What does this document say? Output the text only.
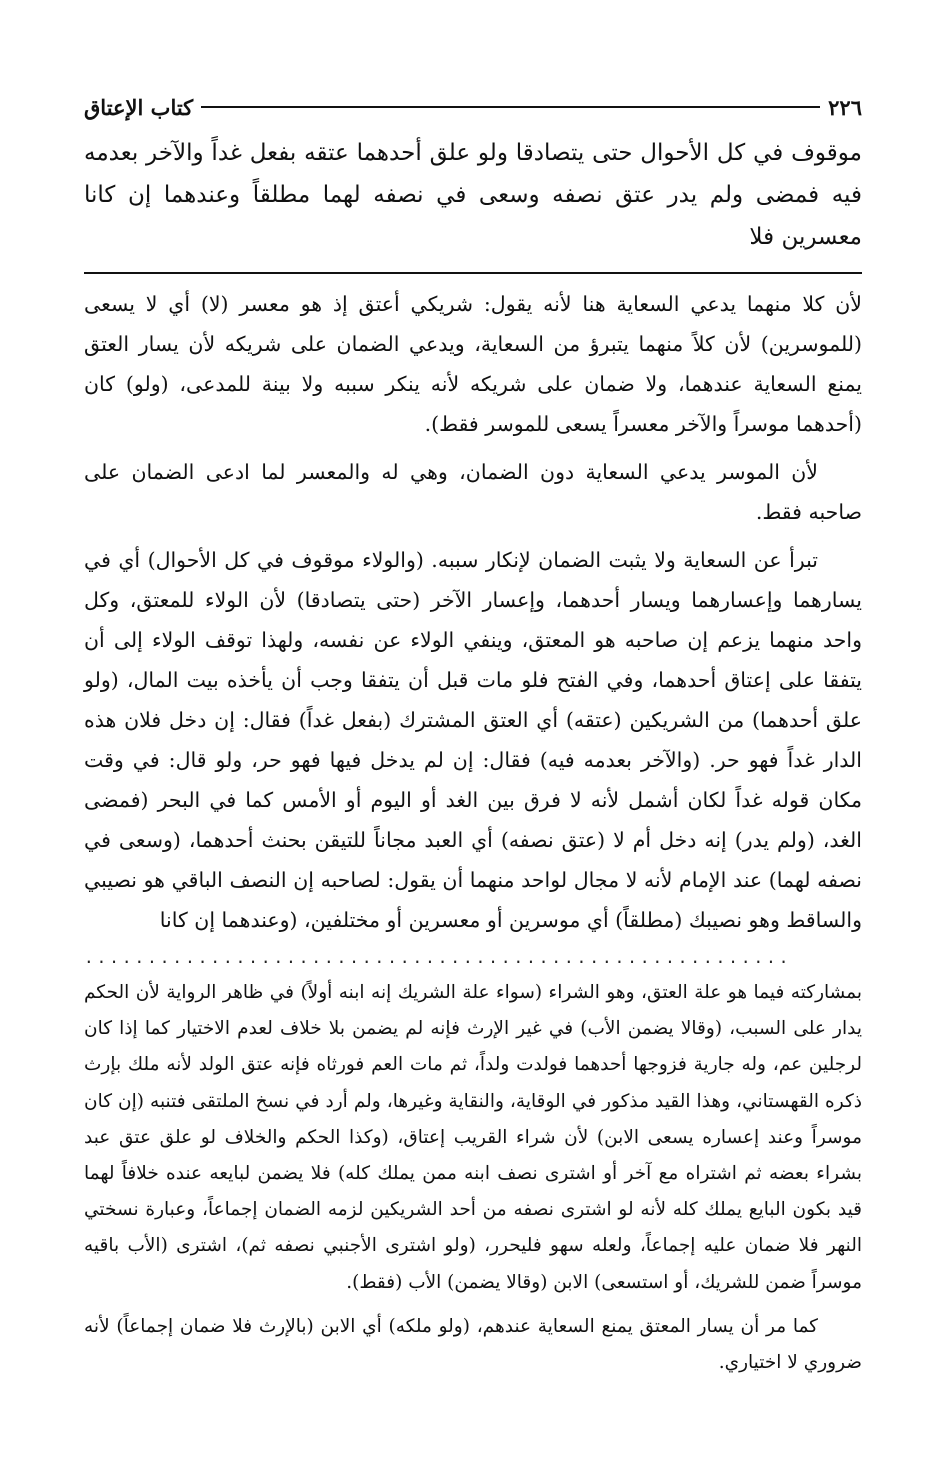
٢٢٦
كتاب الإعتاق

موقوف في كل الأحوال حتى يتصادقا ولو علق أحدهما عتقه بفعل غداً والآخر بعدمه فيه فمضى ولم يدر عتق نصفه وسعى في نصفه لهما مطلقاً وعندهما إن كانا معسرين فلا

لأن كلا منهما يدعي السعاية هنا لأنه يقول: شريكي أعتق إذ هو معسر (لا) أي لا يسعى (للموسرين) لأن كلاً منهما يتبرؤ من السعاية، ويدعي الضمان على شريكه لأن يسار العتق يمنع السعاية عندهما، ولا ضمان على شريكه لأنه ينكر سببه ولا بينة للمدعى، (ولو) كان (أحدهما موسراً والآخر معسراً يسعى للموسر فقط).

لأن الموسر يدعي السعاية دون الضمان، وهي له والمعسر لما ادعى الضمان على صاحبه فقط.

تبرأ عن السعاية ولا يثبت الضمان لإنكار سببه. (والولاء موقوف في كل الأحوال) أي في يسارهما وإعسارهما ويسار أحدهما، وإعسار الآخر (حتى يتصادقا) لأن الولاء للمعتق، وكل واحد منهما يزعم إن صاحبه هو المعتق، وينفي الولاء عن نفسه، ولهذا توقف الولاء إلى أن يتفقا على إعتاق أحدهما، وفي الفتح فلو مات قبل أن يتفقا وجب أن يأخذه بيت المال، (ولو علق أحدهما) من الشريكين (عتقه) أي العتق المشترك (بفعل غداً) فقال: إن دخل فلان هذه الدار غداً فهو حر. (والآخر بعدمه فيه) فقال: إن لم يدخل فيها فهو حر، ولو قال: في وقت مكان قوله غداً لكان أشمل لأنه لا فرق بين الغد أو اليوم أو الأمس كما في البحر (فمضى الغد، (ولم يدر) إنه دخل أم لا (عتق نصفه) أي العبد مجاناً للتيقن بحنث أحدهما، (وسعى في نصفه لهما) عند الإمام لأنه لا مجال لواحد منهما أن يقول: لصاحبه إن النصف الباقي هو نصيبي والساقط وهو نصيبك (مطلقاً) أي موسرين أو معسرين أو مختلفين، (وعندهما إن كانا

........................................................

بمشاركته فيما هو علة العتق، وهو الشراء (سواء علة الشريك إنه ابنه أولاً) في ظاهر الرواية لأن الحكم يدار على السبب، (وقالا يضمن الأب) في غير الإرث فإنه لم يضمن بلا خلاف لعدم الاختيار كما إذا كان لرجلين عم، وله جارية فزوجها أحدهما فولدت ولداً، ثم مات العم فورثاه فإنه عتق الولد لأنه ملك بإرث ذكره القهستاني، وهذا القيد مذكور في الوقاية، والنقاية وغيرها، ولم أرد في نسخ الملتقى فتنبه (إن كان موسراً وعند إعساره يسعى الابن) لأن شراء القريب إعتاق، (وكذا الحكم والخلاف لو علق عتق عبد بشراء بعضه ثم اشتراه مع آخر أو اشترى نصف ابنه ممن يملك كله) فلا يضمن لبايعه عنده خلافاً لهما قيد بكون البايع يملك كله لأنه لو اشترى نصفه من أحد الشريكين لزمه الضمان إجماعاً، وعبارة نسختي النهر فلا ضمان عليه إجماعاً، ولعله سهو فليحرر، (ولو اشترى الأجنبي نصفه ثم)، اشترى (الأب باقيه موسراً ضمن للشريك، أو استسعى) الابن (وقالا يضمن) الأب (فقط).

كما مر أن يسار المعتق يمنع السعاية عندهم، (ولو ملكه) أي الابن (بالإرث فلا ضمان إجماعاً) لأنه ضروري لا اختياري.
